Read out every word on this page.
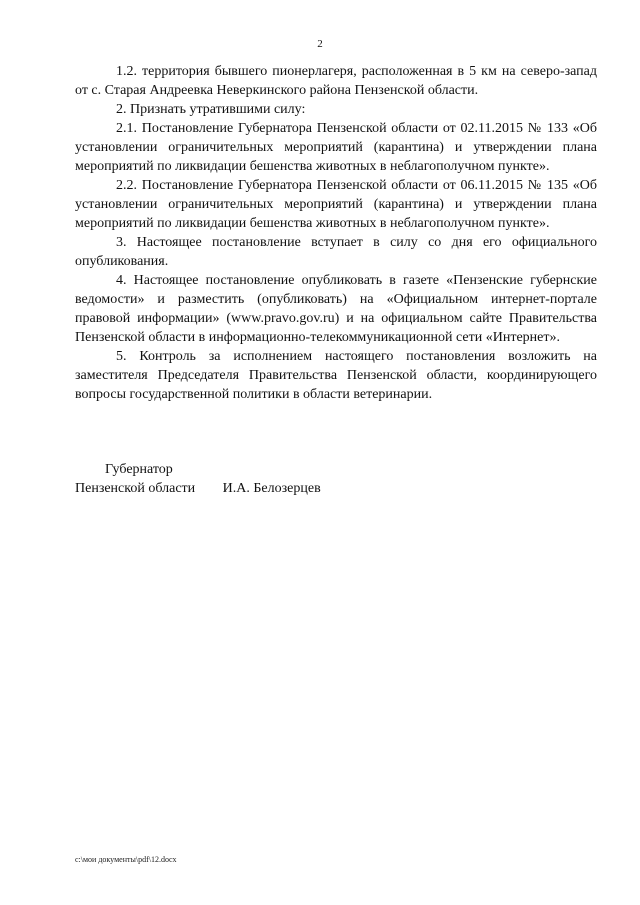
2

1.2. территория бывшего пионерлагеря, расположенная в 5 км на северо-запад от с. Старая Андреевка Неверкинского района Пензенской области.

2. Признать утратившими силу:

2.1. Постановление Губернатора Пензенской области от 02.11.2015 № 133 «Об установлении ограничительных мероприятий (карантина) и утверждении плана мероприятий по ликвидации бешенства животных в неблагополучном пункте».

2.2. Постановление Губернатора Пензенской области от 06.11.2015 № 135 «Об установлении ограничительных мероприятий (карантина) и утверждении плана мероприятий по ликвидации бешенства животных в неблагополучном пункте».

3. Настоящее постановление вступает в силу со дня его официального опубликования.

4. Настоящее постановление опубликовать в газете «Пензенские губернские ведомости» и разместить (опубликовать) на «Официальном интернет-портале правовой информации» (www.pravo.gov.ru) и на официальном сайте Правительства Пензенской области в информационно-телекоммуникационной сети «Интернет».

5. Контроль за исполнением настоящего постановления возложить на заместителя Председателя Правительства Пензенской области, координирующего вопросы государственной политики в области ветеринарии.

Губернатор

Пензенской области И.А. Белозерцев

c:\мои документы\pdf\12.docx
